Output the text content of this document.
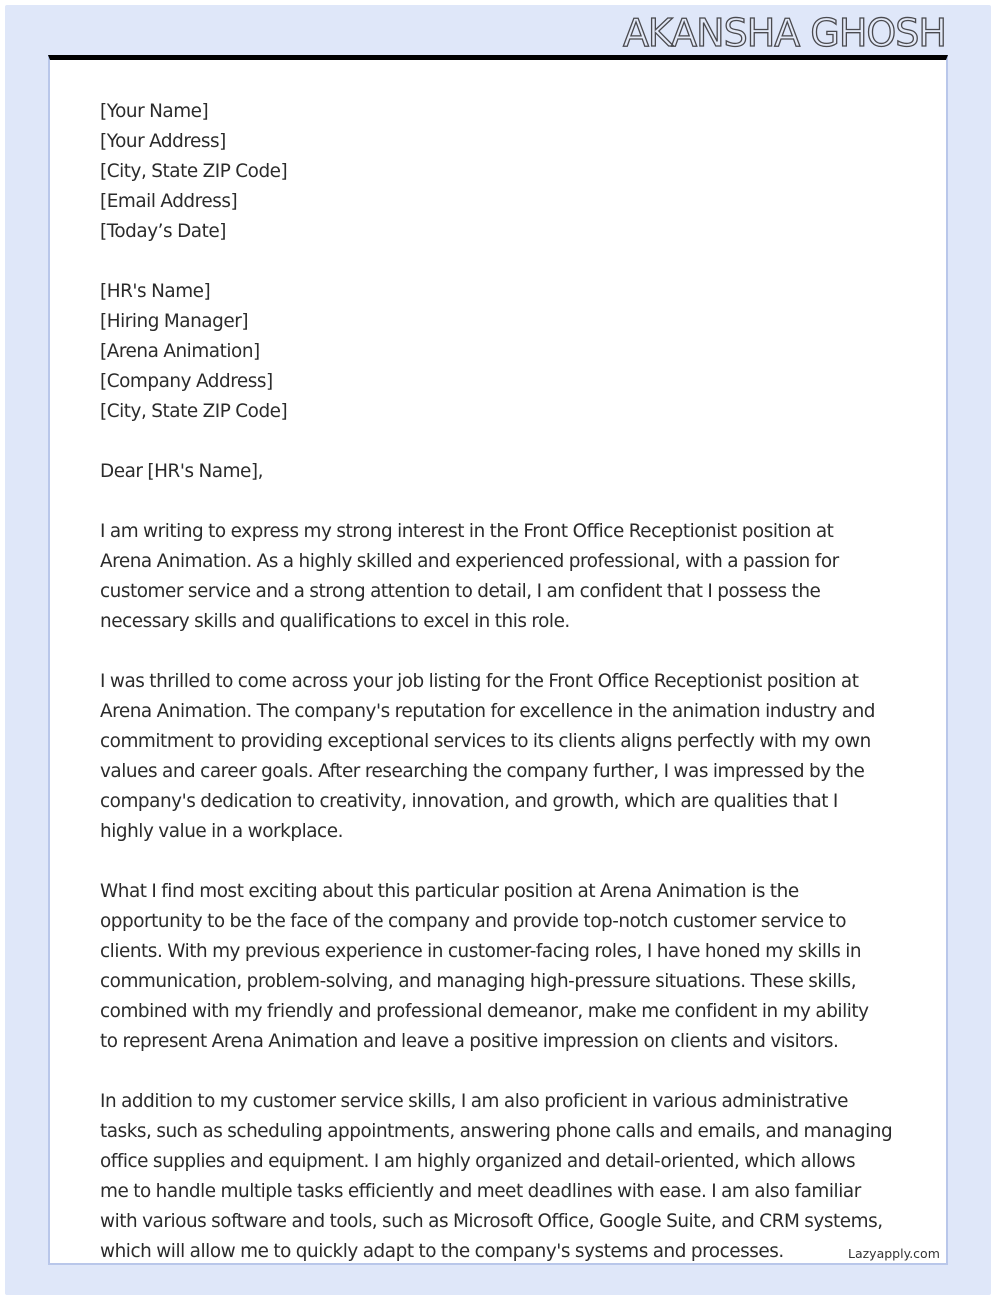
AKANSHA GHOSH
[Your Name]
[Your Address]
[City, State ZIP Code]
[Email Address]
[Today’s Date]
[HR's Name]
[Hiring Manager]
[Arena Animation]
[Company Address]
[City, State ZIP Code]
Dear [HR's Name],
I am writing to express my strong interest in the Front Office Receptionist position at
Arena Animation. As a highly skilled and experienced professional, with a passion for
customer service and a strong attention to detail, I am confident that I possess the
necessary skills and qualifications to excel in this role.
I was thrilled to come across your job listing for the Front Office Receptionist position at
Arena Animation. The company's reputation for excellence in the animation industry and
commitment to providing exceptional services to its clients aligns perfectly with my own
values and career goals. After researching the company further, I was impressed by the
company's dedication to creativity, innovation, and growth, which are qualities that I
highly value in a workplace.
What I find most exciting about this particular position at Arena Animation is the
opportunity to be the face of the company and provide top-notch customer service to
clients. With my previous experience in customer-facing roles, I have honed my skills in
communication, problem-solving, and managing high-pressure situations. These skills,
combined with my friendly and professional demeanor, make me confident in my ability
to represent Arena Animation and leave a positive impression on clients and visitors.
In addition to my customer service skills, I am also proficient in various administrative
tasks, such as scheduling appointments, answering phone calls and emails, and managing
office supplies and equipment. I am highly organized and detail-oriented, which allows
me to handle multiple tasks efficiently and meet deadlines with ease. I am also familiar
with various software and tools, such as Microsoft Office, Google Suite, and CRM systems,
which will allow me to quickly adapt to the company's systems and processes.	Lazyapply.com
